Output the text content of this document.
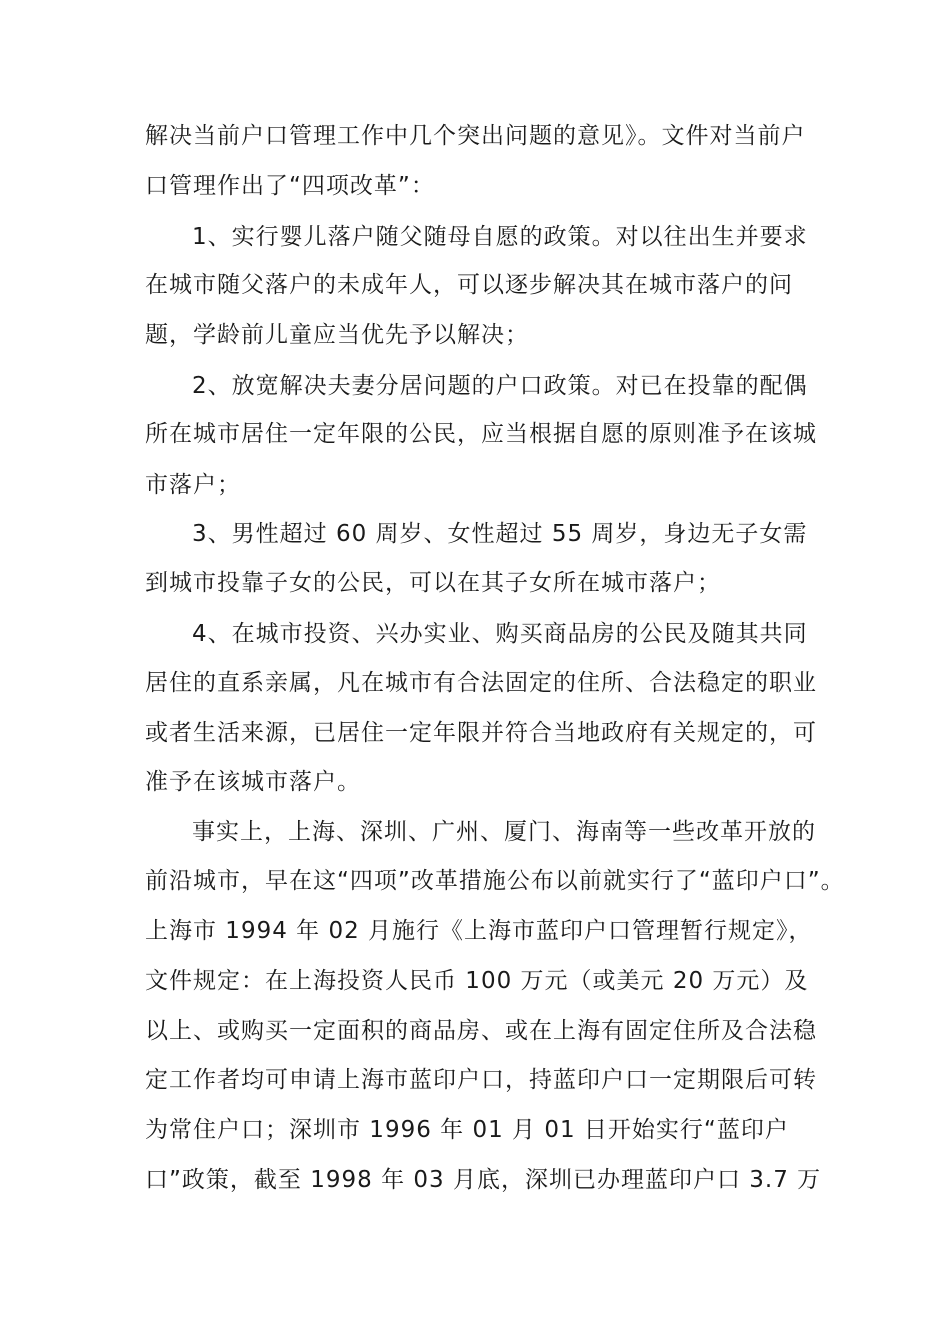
解决当前户口管理工作中几个突出问题的意见》。文件对当前户
口管理作出了“四项改革”：
1、实行婴儿落户随父随母自愿的政策。对以往出生并要求
在城市随父落户的未成年人，可以逐步解决其在城市落户的问
题，学龄前儿童应当优先予以解决；
2、放宽解决夫妻分居问题的户口政策。对已在投靠的配偶
所在城市居住一定年限的公民，应当根据自愿的原则准予在该城
市落户；
3、男性超过 60 周岁、女性超过 55 周岁，身边无子女需
到城市投靠子女的公民，可以在其子女所在城市落户；
4、在城市投资、兴办实业、购买商品房的公民及随其共同
居住的直系亲属，凡在城市有合法固定的住所、合法稳定的职业
或者生活来源，已居住一定年限并符合当地政府有关规定的，可
准予在该城市落户。
事实上，上海、深圳、广州、厦门、海南等一些改革开放的
前沿城市，早在这“四项”改革措施公布以前就实行了“蓝印户口”。
上海市 1994 年 02 月施行《上海市蓝印户口管理暂行规定》，
文件规定：在上海投资人民币 100 万元（或美元 20 万元）及
以上、或购买一定面积的商品房、或在上海有固定住所及合法稳
定工作者均可申请上海市蓝印户口，持蓝印户口一定期限后可转
为常住户口；深圳市 1996 年 01 月 01 日开始实行“蓝印户
口”政策，截至 1998 年 03 月底，深圳已办理蓝印户口 3.7 万
